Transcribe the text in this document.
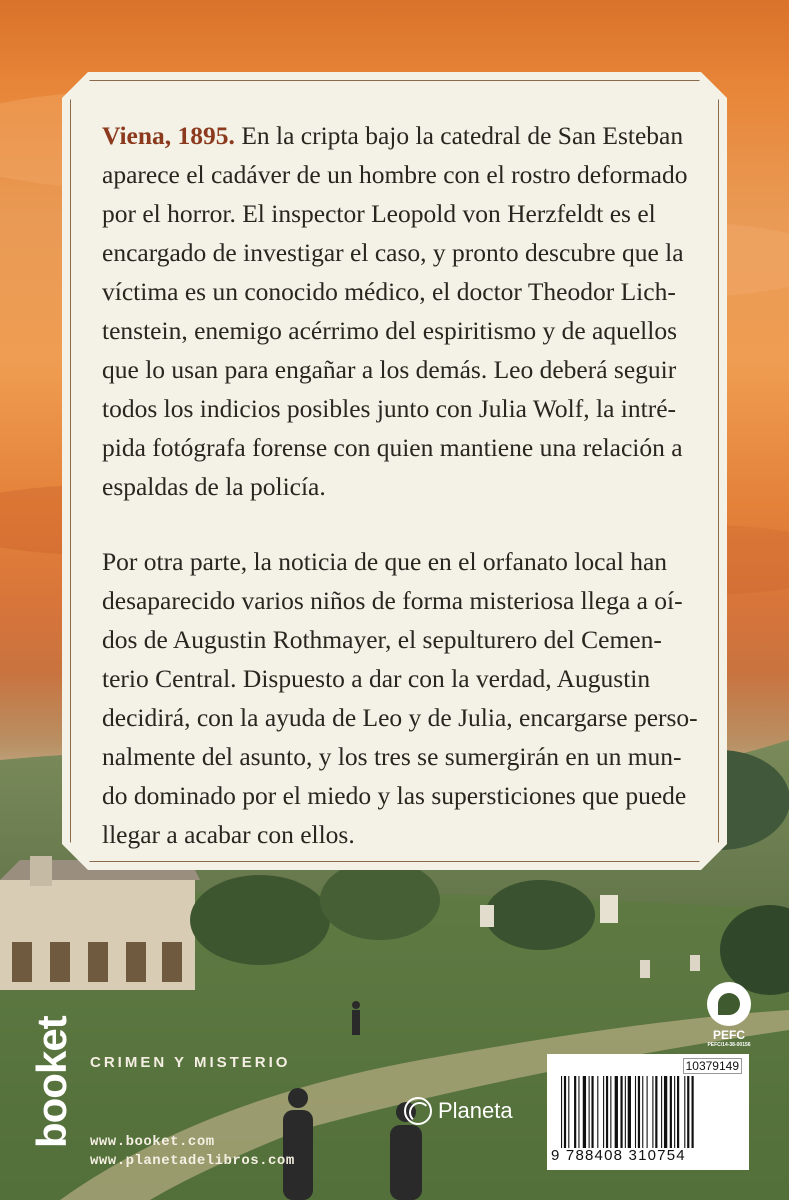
Viena, 1895. En la cripta bajo la catedral de San Esteban
aparece el cadáver de un hombre con el rostro deformado
por el horror. El inspector Leopold von Herzfeldt es el
encargado de investigar el caso, y pronto descubre que la
víctima es un conocido médico, el doctor Theodor Lich-
tenstein, enemigo acérrimo del espiritismo y de aquellos
que lo usan para engañar a los demás. Leo deberá seguir
todos los indicios posibles junto con Julia Wolf, la intré-
pida fotógrafa forense con quien mantiene una relación a
espaldas de la policía.

Por otra parte, la noticia de que en el orfanato local han
desaparecido varios niños de forma misteriosa llega a oí-
dos de Augustin Rothmayer, el sepulturero del Cemen-
terio Central. Dispuesto a dar con la verdad, Augustin
decidirá, con la ayuda de Leo y de Julia, encargarse perso-
nalmente del asunto, y los tres se sumergirán en un mun-
do dominado por el miedo y las supersticiones que puede
llegar a acabar con ellos.

CRIMEN Y MISTERIO
booket www.booket.com
www.planetadelibros.com
Planeta
PEFC
PEFC/14-38-00156
10379149
9 788408 310754
